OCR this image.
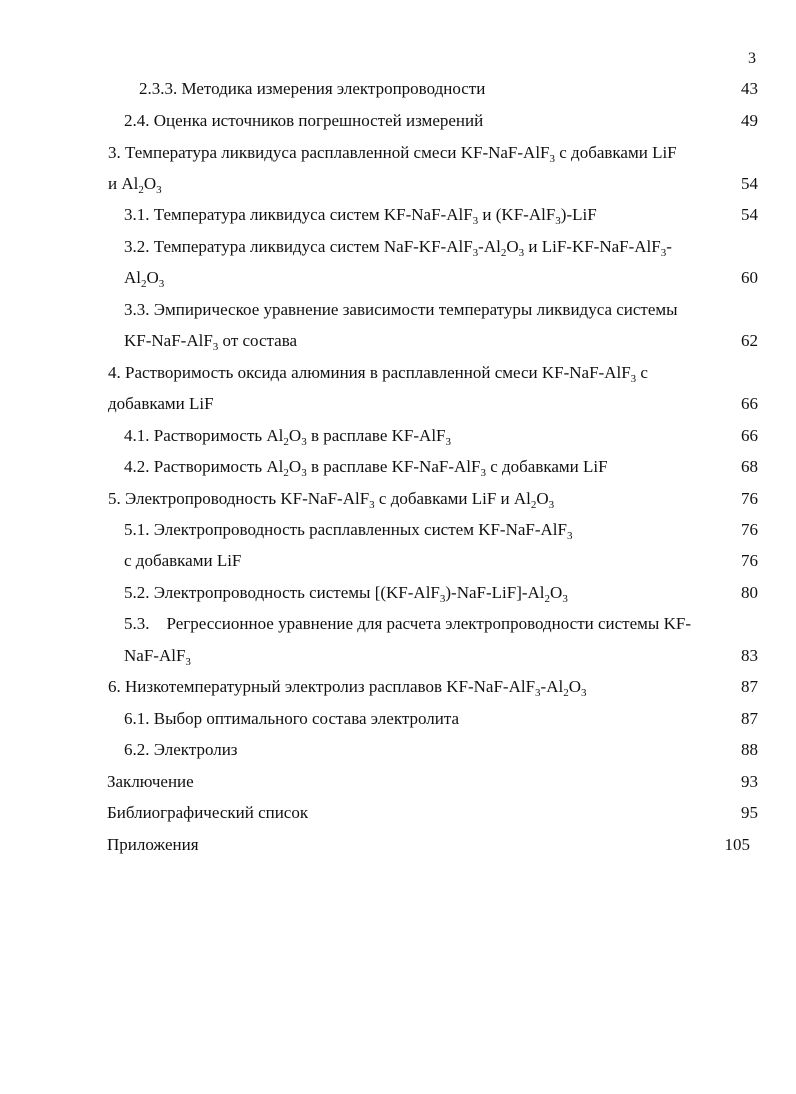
3
2.3.3. Методика измерения электропроводности	43
2.4. Оценка источников погрешностей измерений	49
3. Температура ликвидуса расплавленной смеси KF-NaF-AlF$_3$ с добавками LiF
и $Al_2O_3$	54
3.1. Температура ликвидуса систем KF-NaF-AlF$_3$ и (KF-AlF$_3$)-LiF	54
3.2. Температура ликвидуса систем NaF-$KF-AlF_3-Al_2O_3$ и LiF-KF-NaF-AlF$_3$-
$Al_2O_3$	60
3.3. Эмпирическое уравнение зависимости температуры ликвидуса системы
KF-NaF-AlF$_3$ от состава	62
4. Растворимость оксида алюминия в расплавленной смеси KF-NaF-AlF$_3$ с
добавками LiF	66
4.1. Растворимость $Al_2O_3$ в расплаве KF-AlF$_3$	66
4.2. Растворимость $Al_2O_3$ в расплаве KF-NaF-AlF$_3$ с добавками LiF	68
5. Электропроводность KF-NaF-AlF$_3$ с добавками LiF и $Al_2O_3$	76
5.1. Электропроводность расплавленных систем KF-NaF-AlF$_3$	76
с добавками LiF	76
5.2. Электропроводность системы $[(KF-AlF_3)-NaF-LiF]-Al_2O_3$	80
5.3.    Регрессионное уравнение для расчета электропроводности системы KF-
NaF-AlF$_3$	83
6. Низкотемпературный электролиз расплавов $KF-NaF-AlF_3-Al_2O_3$	87
6.1. Выбор оптимального состава электролита	87
6.2. Электролиз	88
Заключение	93
Библиографический список	95
Приложения	105
